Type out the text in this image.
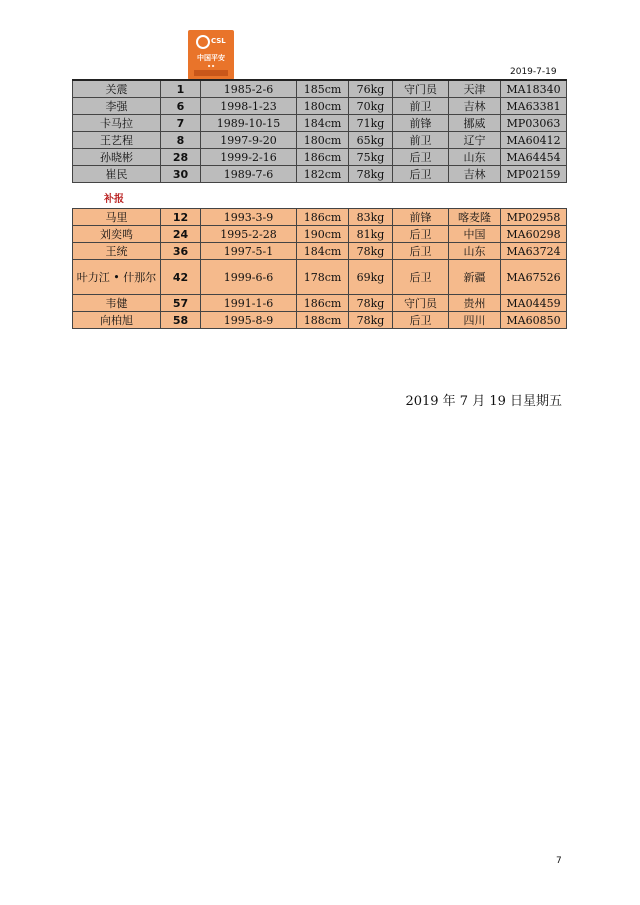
CSL
中国平安
▪ ▪
2019-7-19
关震	1	1985-2-6	185cm	76kg	守门员	天津	MA18340
李强	6	1998-1-23	180cm	70kg	前卫	吉林	MA63381
卡马拉	7	1989-10-15	184cm	71kg	前锋	挪威	MP03063
王艺程	8	1997-9-20	180cm	65kg	前卫	辽宁	MA60412
孙晓彬	28	1999-2-16	186cm	75kg	后卫	山东	MA64454
崔民	30	1989-7-6	182cm	78kg	后卫	吉林	MP02159
补报
马里	12	1993-3-9	186cm	83kg	前锋	喀麦隆	MP02958
刘奕鸣	24	1995-2-28	190cm	81kg	后卫	中国	MA60298
王统	36	1997-5-1	184cm	78kg	后卫	山东	MA63724
叶力江 • 什那尔	42	1999-6-6	178cm	69kg	后卫	新疆	MA67526
韦健	57	1991-1-6	186cm	78kg	守门员	贵州	MA04459
向柏旭	58	1995-8-9	188cm	78kg	后卫	四川	MA60850
2019 年 7 月 19 日星期五
7
